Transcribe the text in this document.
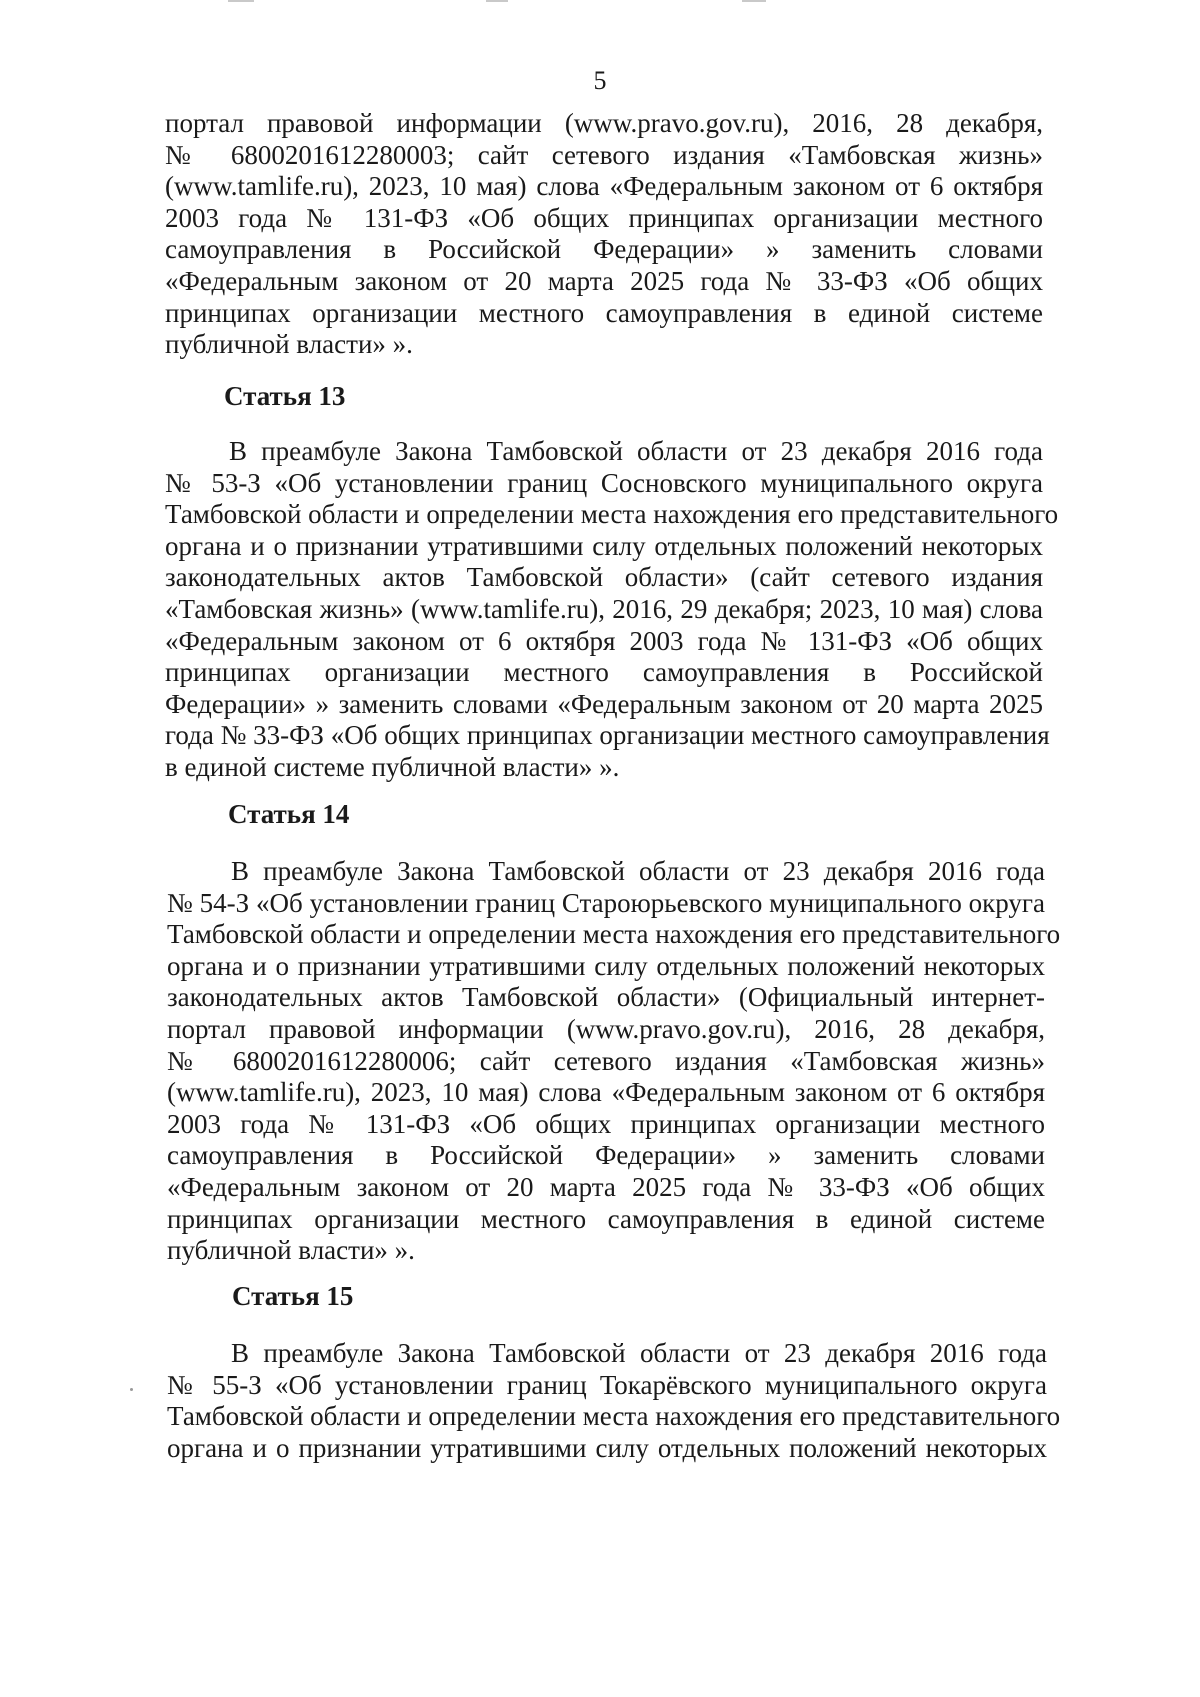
5
портал правовой информации (www.pravo.gov.ru), 2016, 28 декабря,
№ 6800201612280003; сайт сетевого издания «Тамбовская жизнь»
(www.tamlife.ru), 2023, 10 мая) слова «Федеральным законом от 6 октября
2003 года № 131-ФЗ «Об общих принципах организации местного
самоуправления в Российской Федерации» » заменить словами
«Федеральным законом от 20 марта 2025 года № 33-ФЗ «Об общих
принципах организации местного самоуправления в единой системе
публичной власти» ».
Статья 13
В преамбуле Закона Тамбовской области от 23 декабря 2016 года
№ 53-З «Об установлении границ Сосновского муниципального округа
Тамбовской области и определении места нахождения его представительного
органа и о признании утратившими силу отдельных положений некоторых
законодательных актов Тамбовской области» (сайт сетевого издания
«Тамбовская жизнь» (www.tamlife.ru), 2016, 29 декабря; 2023, 10 мая) слова
«Федеральным законом от 6 октября 2003 года № 131-ФЗ «Об общих
принципах организации местного самоуправления в Российской
Федерации» » заменить словами «Федеральным законом от 20 марта 2025
года № 33-ФЗ «Об общих принципах организации местного самоуправления
в единой системе публичной власти» ».
Статья 14
В преамбуле Закона Тамбовской области от 23 декабря 2016 года
№ 54-З «Об установлении границ Староюрьевского муниципального округа
Тамбовской области и определении места нахождения его представительного
органа и о признании утратившими силу отдельных положений некоторых
законодательных актов Тамбовской области» (Официальный интернет-
портал правовой информации (www.pravo.gov.ru), 2016, 28 декабря,
№ 6800201612280006; сайт сетевого издания «Тамбовская жизнь»
(www.tamlife.ru), 2023, 10 мая) слова «Федеральным законом от 6 октября
2003 года № 131-ФЗ «Об общих принципах организации местного
самоуправления в Российской Федерации» » заменить словами
«Федеральным законом от 20 марта 2025 года № 33-ФЗ «Об общих
принципах организации местного самоуправления в единой системе
публичной власти» ».
Статья 15
В преамбуле Закона Тамбовской области от 23 декабря 2016 года
№ 55-З «Об установлении границ Токарёвского муниципального округа
Тамбовской области и определении места нахождения его представительного
органа и о признании утратившими силу отдельных положений некоторых
